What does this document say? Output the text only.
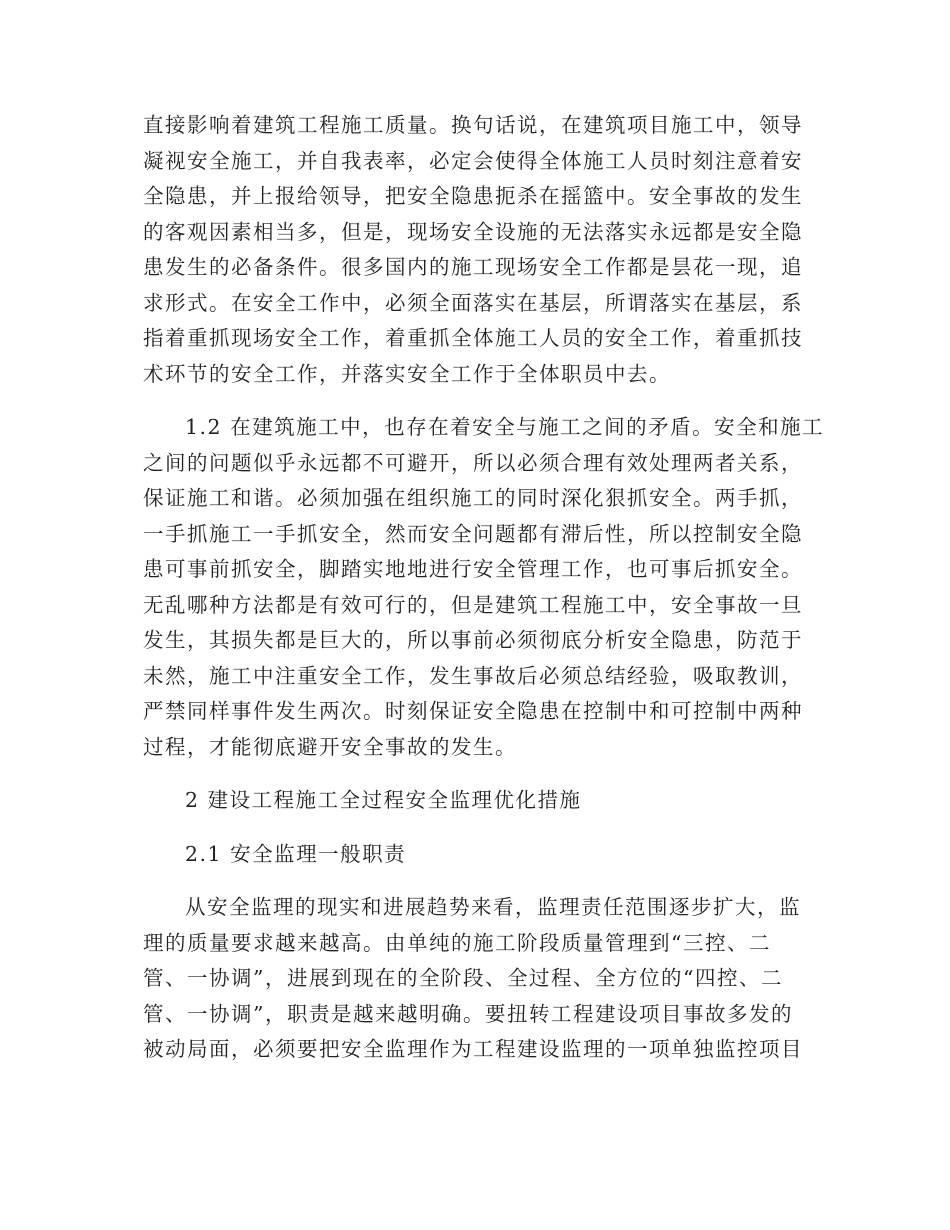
直接影响着建筑工程施工质量。换句话说，在建筑项目施工中，领导
凝视安全施工，并自我表率，必定会使得全体施工人员时刻注意着安
全隐患，并上报给领导，把安全隐患扼杀在摇篮中。安全事故的发生
的客观因素相当多，但是，现场安全设施的无法落实永远都是安全隐
患发生的必备条件。很多国内的施工现场安全工作都是昙花一现，追
求形式。在安全工作中，必须全面落实在基层，所谓落实在基层，系
指着重抓现场安全工作，着重抓全体施工人员的安全工作，着重抓技
术环节的安全工作，并落实安全工作于全体职员中去。
1.2 在建筑施工中，也存在着安全与施工之间的矛盾。安全和施工
之间的问题似乎永远都不可避开，所以必须合理有效处理两者关系，
保证施工和谐。必须加强在组织施工的同时深化狠抓安全。两手抓，
一手抓施工一手抓安全，然而安全问题都有滞后性，所以控制安全隐
患可事前抓安全，脚踏实地地进行安全管理工作，也可事后抓安全。
无乱哪种方法都是有效可行的，但是建筑工程施工中，安全事故一旦
发生，其损失都是巨大的，所以事前必须彻底分析安全隐患，防范于
未然，施工中注重安全工作，发生事故后必须总结经验，吸取教训，
严禁同样事件发生两次。时刻保证安全隐患在控制中和可控制中两种
过程，才能彻底避开安全事故的发生。
2 建设工程施工全过程安全监理优化措施
2.1 安全监理一般职责
从安全监理的现实和进展趋势来看，监理责任范围逐步扩大，监
理的质量要求越来越高。由单纯的施工阶段质量管理到“三控、二
管、一协调”，进展到现在的全阶段、全过程、全方位的“四控、二
管、一协调”，职责是越来越明确。要扭转工程建设项目事故多发的
被动局面，必须要把安全监理作为工程建设监理的一项单独监控项目
